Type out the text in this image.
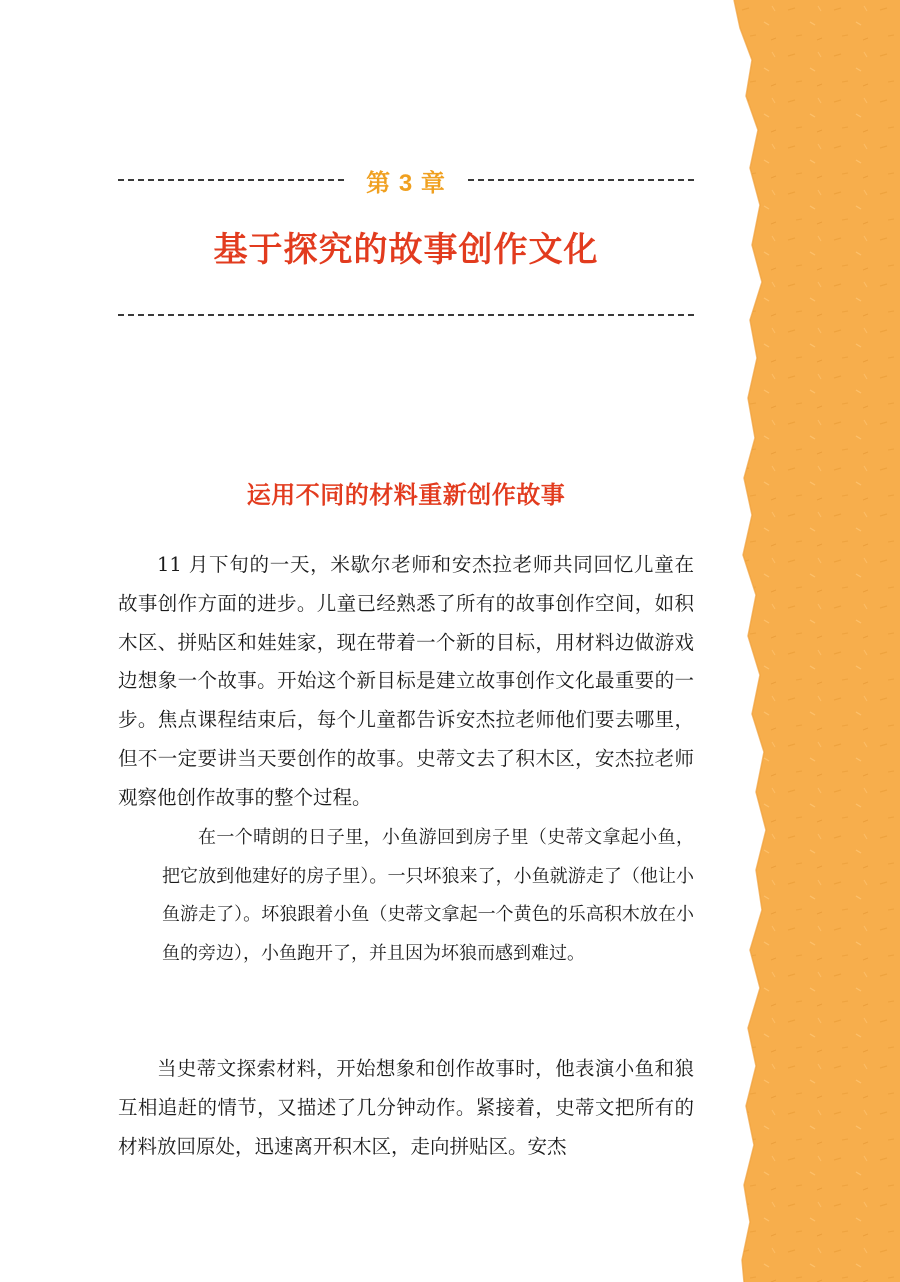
第 3 章
基于探究的故事创作文化
运用不同的材料重新创作故事

11 月下旬的一天，米歇尔老师和安杰拉老师共同回忆儿童在故事创作方面的进步。儿童已经熟悉了所有的故事创作空间，如积木区、拼贴区和娃娃家，现在带着一个新的目标，用材料边做游戏边想象一个故事。开始这个新目标是建立故事创作文化最重要的一步。焦点课程结束后，每个儿童都告诉安杰拉老师他们要去哪里，但不一定要讲当天要创作的故事。史蒂文去了积木区，安杰拉老师观察他创作故事的整个过程。

在一个晴朗的日子里，小鱼游回到房子里（史蒂文拿起小鱼，把它放到他建好的房子里）。一只坏狼来了，小鱼就游走了（他让小鱼游走了）。坏狼跟着小鱼（史蒂文拿起一个黄色的乐高积木放在小鱼的旁边），小鱼跑开了，并且因为坏狼而感到难过。

当史蒂文探索材料，开始想象和创作故事时，他表演小鱼和狼互相追赶的情节，又描述了几分钟动作。紧接着，史蒂文把所有的材料放回原处，迅速离开积木区，走向拼贴区。安杰
